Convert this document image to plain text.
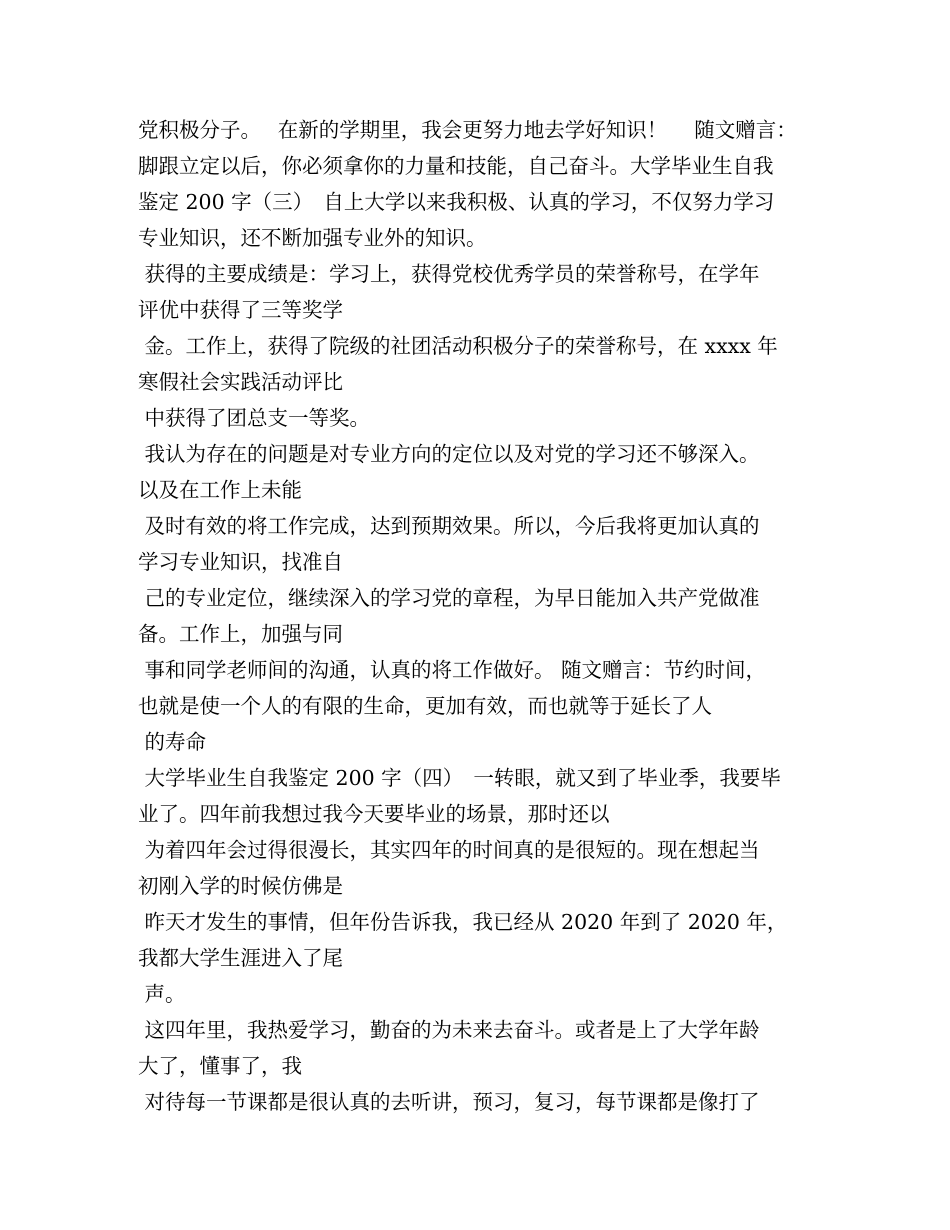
党积极分子。　 在新的学期里，我会更努力地去学好知识！　 随文赠言：
脚跟立定以后，你必须拿你的力量和技能，自己奋斗。大学毕业生自我
鉴定 200 字（三）　自上大学以来我积极、认真的学习，不仅努力学习
专业知识，还不断加强专业外的知识。
获得的主要成绩是：学习上，获得党校优秀学员的荣誉称号，在学年
评优中获得了三等奖学
金。工作上，获得了院级的社团活动积极分子的荣誉称号，在 xxxx 年
寒假社会实践活动评比
中获得了团总支一等奖。
我认为存在的问题是对专业方向的定位以及对党的学习还不够深入。
以及在工作上未能
及时有效的将工作完成，达到预期效果。所以，今后我将更加认真的
学习专业知识，找准自
己的专业定位，继续深入的学习党的章程，为早日能加入共产党做准
备。工作上，加强与同
事和同学老师间的沟通，认真的将工作做好。 随文赠言：节约时间，
也就是使一个人的有限的生命，更加有效，而也就等于延长了人
的寿命
大学毕业生自我鉴定 200 字（四）　一转眼，就又到了毕业季，我要毕
业了。四年前我想过我今天要毕业的场景，那时还以
为着四年会过得很漫长，其实四年的时间真的是很短的。现在想起当
初刚入学的时候仿佛是
昨天才发生的事情，但年份告诉我，我已经从 2020 年到了 2020 年，
我都大学生涯进入了尾
声。
这四年里，我热爱学习，勤奋的为未来去奋斗。或者是上了大学年龄
大了，懂事了，我
对待每一节课都是很认真的去听讲，预习，复习，每节课都是像打了
